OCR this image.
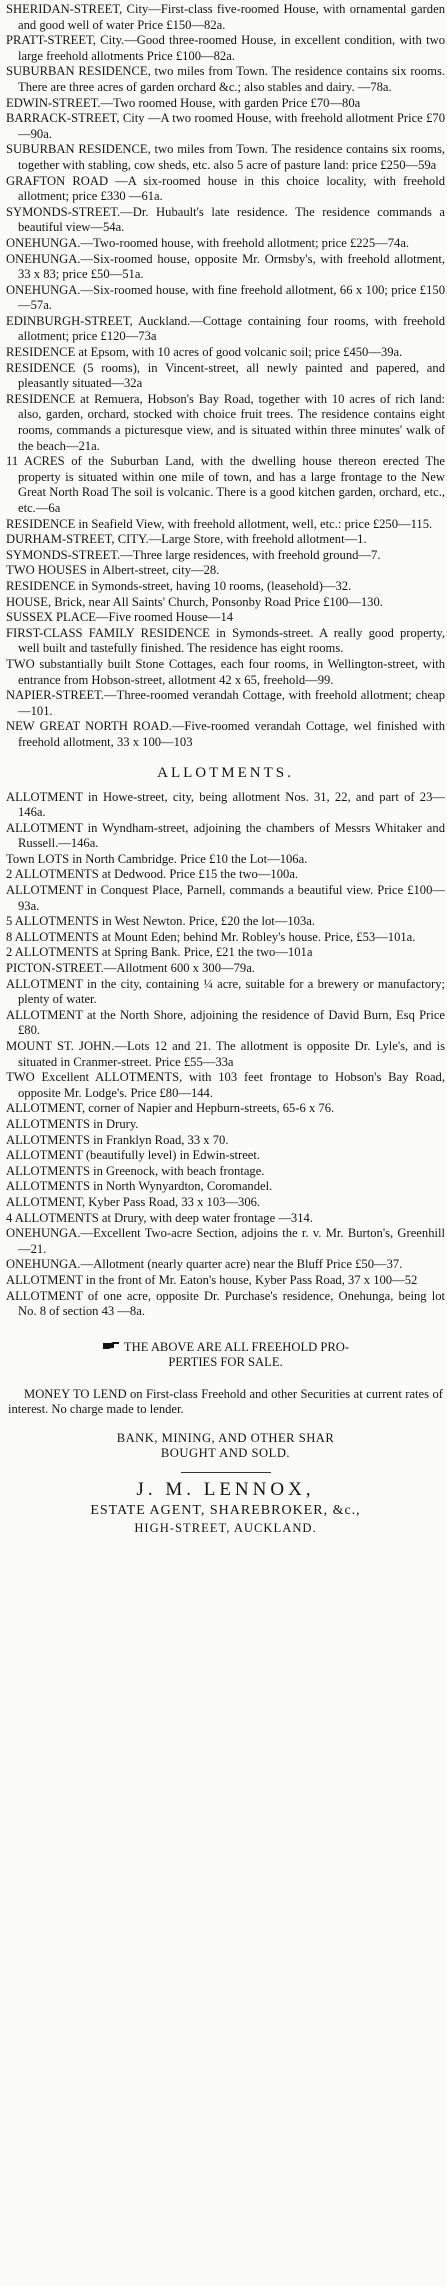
SHERIDAN-STREET, City—First-class five-roomed House, with ornamental garden and good well of water Price £150—82a.

PRATT-STREET, City.—Good three-roomed House, in excellent condition, with two large freehold allotments Price £100—82a.

SUBURBAN RESIDENCE, two miles from Town. The residence contains six rooms. There are three acres of garden orchard &c.; also stables and dairy. —78a.

EDWIN-STREET.—Two roomed House, with garden Price £70—80a

BARRACK-STREET, City —A two roomed House, with freehold allotment Price £70—90a.

SUBURBAN RESIDENCE, two miles from Town. The residence contains six rooms, together with stabling, cow sheds, etc. also 5 acre of pasture land: price £250—59a

GRAFTON ROAD —A six-roomed house in this choice locality, with freehold allotment; price £330 —61a.

SYMONDS-STREET.—Dr. Hubault's late residence. The residence commands a beautiful view—54a.

ONEHUNGA.—Two-roomed house, with freehold allotment; price £225—74a.

ONEHUNGA.—Six-roomed house, opposite Mr. Ormsby's, with freehold allotment, 33 x 83; price £50—51a.

ONEHUNGA.—Six-roomed house, with fine freehold allotment, 66 x 100; price £150—57a.

EDINBURGH-STREET, Auckland.—Cottage containing four rooms, with freehold allotment; price £120—73a

RESIDENCE at Epsom, with 10 acres of good volcanic soil; price £450—39a.

RESIDENCE (5 rooms), in Vincent-street, all newly painted and papered, and pleasantly situated—32a

RESIDENCE at Remuera, Hobson's Bay Road, together with 10 acres of rich land: also, garden, orchard, stocked with choice fruit trees. The residence contains eight rooms, commands a picturesque view, and is situated within three minutes' walk of the beach—21a.

11 ACRES of the Suburban Land, with the dwelling house thereon erected The property is situated within one mile of town, and has a large frontage to the New Great North Road The soil is volcanic. There is a good kitchen garden, orchard, etc., etc.—6a

RESIDENCE in Seafield View, with freehold allotment, well, etc.: price £250—115.

DURHAM-STREET, CITY.—Large Store, with freehold allotment—1.

SYMONDS-STREET.—Three large residences, with freehold ground—7.

TWO HOUSES in Albert-street, city—28.

RESIDENCE in Symonds-street, having 10 rooms, (leasehold)—32.

HOUSE, Brick, near All Saints' Church, Ponsonby Road Price £100—130.

SUSSEX PLACE—Five roomed House—14

FIRST-CLASS FAMILY RESIDENCE in Symonds-street. A really good property, well built and tastefully finished. The residence has eight rooms.

TWO substantially built Stone Cottages, each four rooms, in Wellington-street, with entrance from Hobson-street, allotment 42 x 65, freehold—99.

NAPIER-STREET.—Three-roomed verandah Cottage, with freehold allotment; cheap—101.

NEW GREAT NORTH ROAD.—Five-roomed verandah Cottage, wel finished with freehold allotment, 33 x 100—103

ALLOTMENTS.

ALLOTMENT in Howe-street, city, being allotment Nos. 31, 22, and part of 23—146a.

ALLOTMENT in Wyndham-street, adjoining the chambers of Messrs Whitaker and Russell.—146a.

Town LOTS in North Cambridge. Price £10 the Lot—106a.

2 ALLOTMENTS at Dedwood. Price £15 the two—100a.

ALLOTMENT in Conquest Place, Parnell, commands a beautiful view. Price £100—93a.

5 ALLOTMENTS in West Newton. Price, £20 the lot—103a.

8 ALLOTMENTS at Mount Eden; behind Mr. Robley's house. Price, £53—101a.

2 ALLOTMENTS at Spring Bank. Price, £21 the two—101a

PICTON-STREET.—Allotment 600 x 300—79a.

ALLOTMENT in the city, containing ¼ acre, suitable for a brewery or manufactory; plenty of water.

ALLOTMENT at the North Shore, adjoining the residence of David Burn, Esq Price £80.

MOUNT ST. JOHN.—Lots 12 and 21. The allotment is opposite Dr. Lyle's, and is situated in Cranmer-street. Price £55—33a

TWO Excellent ALLOTMENTS, with 103 feet frontage to Hobson's Bay Road, opposite Mr. Lodge's. Price £80—144.

ALLOTMENT, corner of Napier and Hepburn-streets, 65-6 x 76.

ALLOTMENTS in Drury.

ALLOTMENTS in Franklyn Road, 33 x 70.

ALLOTMENT (beautifully level) in Edwin-street.

ALLOTMENTS in Greenock, with beach frontage.

ALLOTMENTS in North Wynyardton, Coromandel.

ALLOTMENT, Kyber Pass Road, 33 x 103—306.

4 ALLOTMENTS at Drury, with deep water frontage —314.

ONEHUNGA.—Excellent Two-acre Section, adjoins the r. v. Mr. Burton's, Greenhill—21.

ONEHUNGA.—Allotment (nearly quarter acre) near the Bluff Price £50—37.

ALLOTMENT in the front of Mr. Eaton's house, Kyber Pass Road, 37 x 100—52

ALLOTMENT of one acre, opposite Dr. Purchase's residence, Onehunga, being lot No. 8 of section 43 —8a.

THE ABOVE ARE ALL FREEHOLD PRO-

PERTIES FOR SALE.

MONEY TO LEND on First-class Freehold and other Securities at current rates of interest. No charge made to lender.

BANK, MINING, AND OTHER SHAR
BOUGHT AND SOLD.
J. M. LENNOX,
ESTATE AGENT, SHAREBROKER, &c.,
HIGH-STREET, AUCKLAND.
